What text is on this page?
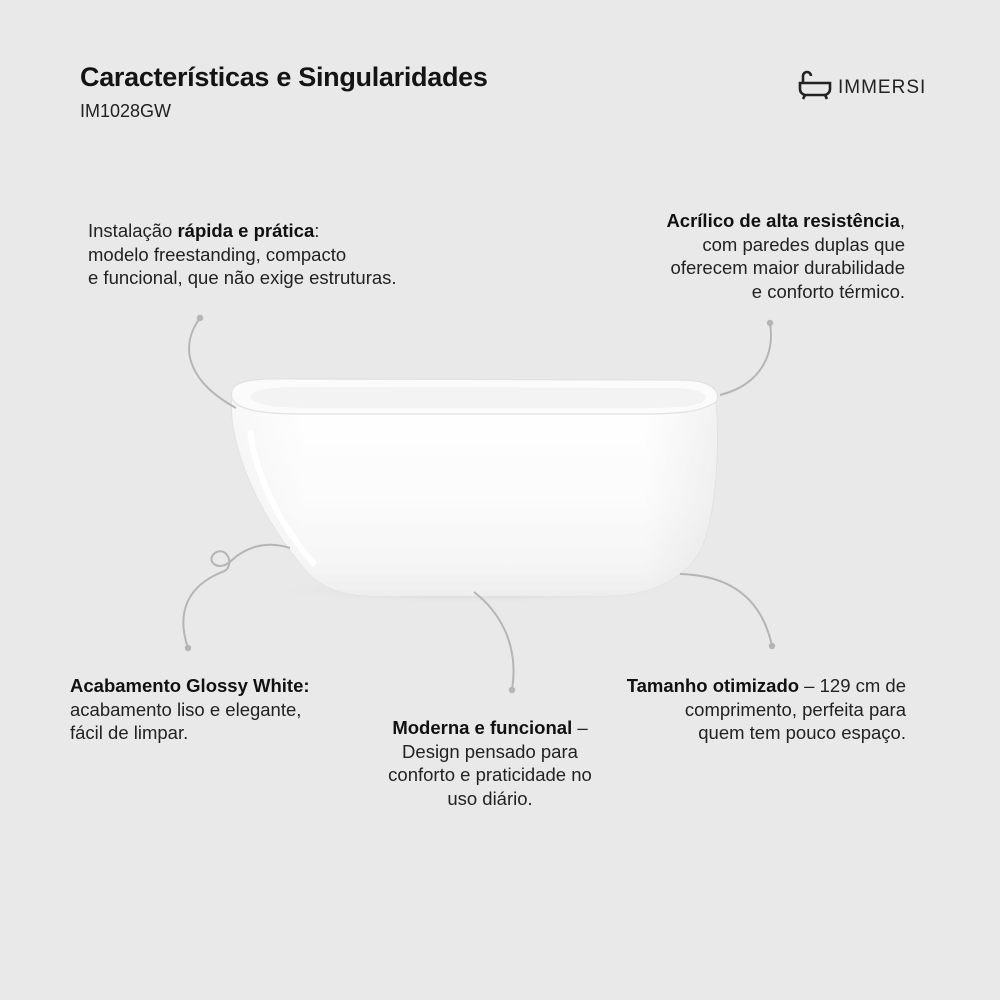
Características e Singularidades
IM1028GW
IMMERSI
Instalação rápida e prática:
modelo freestanding, compacto
e funcional, que não exige estruturas.
Acrílico de alta resistência,
com paredes duplas que
oferecem maior durabilidade
e conforto térmico.
Acabamento Glossy White:
acabamento liso e elegante,
fácil de limpar.	Moderna e funcional –
Design pensado para
conforto e praticidade no
uso diário.
Tamanho otimizado – 129 cm de
comprimento, perfeita para
quem tem pouco espaço.
